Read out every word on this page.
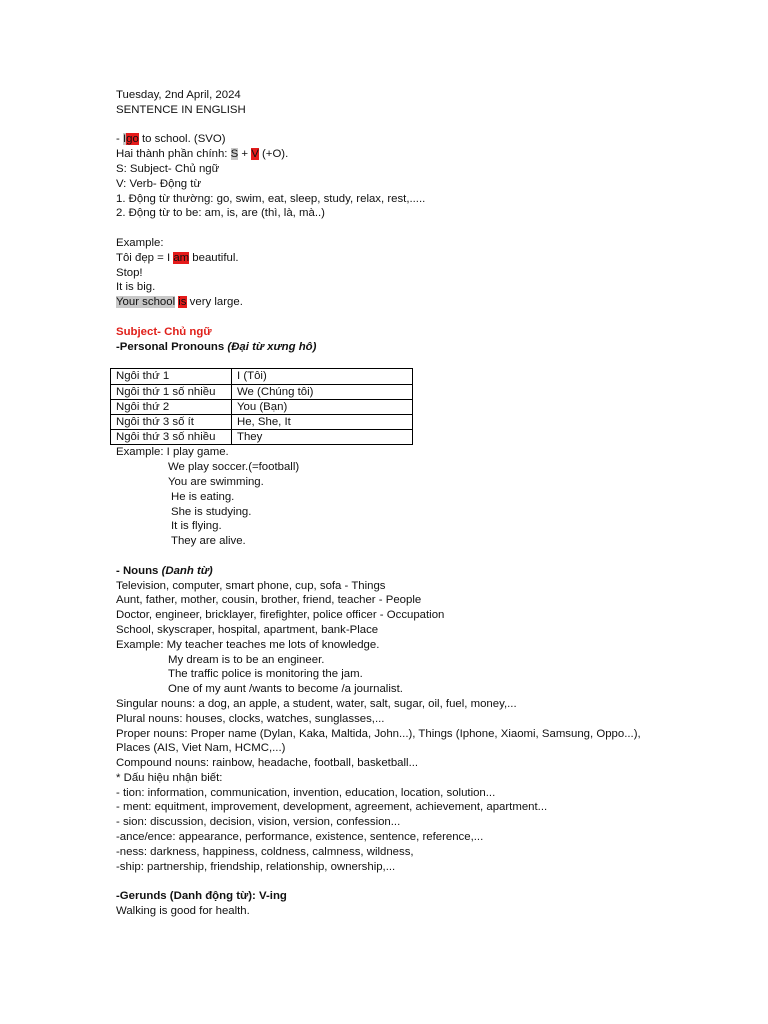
Tuesday, 2nd April, 2024
SENTENCE IN ENGLISH
- Igo to school. (SVO)
Hai thành phần chính: S + V (+O).
S: Subject- Chủ ngữ
V: Verb- Động từ
1. Động từ thường: go, swim, eat, sleep, study, relax, rest,.....
2. Động từ to be: am, is, are (thì, là, mà..)
Example:
Tôi đẹp = I am beautiful.
Stop!
It is big.
Your school is very large.
Subject- Chủ ngữ
-Personal Pronouns (Đại từ xưng hô)
Ngôi thứ 1	I (Tôi)
Ngôi thứ 1 số nhiều	We (Chúng tôi)
Ngôi thứ 2	You (Bạn)
Ngôi thứ 3 số ít	He, She, It
Ngôi thứ 3 số nhiều	They
Example: I play game.
We play soccer.(=football)
You are swimming.
He is eating.
She is studying.
It is flying.
They are alive.
- Nouns (Danh từ)
Television, computer, smart phone, cup, sofa - Things
Aunt, father, mother, cousin, brother, friend, teacher - People
Doctor, engineer, bricklayer, firefighter, police officer - Occupation
School, skyscraper, hospital, apartment, bank-Place
Example: My teacher teaches me lots of knowledge.
My dream is to be an engineer.
The traffic police is monitoring the jam.
One of my aunt /wants to become /a journalist.
Singular nouns: a dog, an apple, a student, water, salt, sugar, oil, fuel, money,...
Plural nouns: houses, clocks, watches, sunglasses,...
Proper nouns: Proper name (Dylan, Kaka, Maltida, John...), Things (Iphone, Xiaomi, Samsung, Oppo...),
Places (AIS, Viet Nam, HCMC,...)
Compound nouns: rainbow, headache, football, basketball...
* Dấu hiệu nhận biết:
- tion: information, communication, invention, education, location, solution...
- ment: equitment, improvement, development, agreement, achievement, apartment...
- sion: discussion, decision, vision, version, confession...
-ance/ence: appearance, performance, existence, sentence, reference,...
-ness: darkness, happiness, coldness, calmness, wildness,
-ship: partnership, friendship, relationship, ownership,...
-Gerunds (Danh động từ): V-ing
Walking is good for health.
